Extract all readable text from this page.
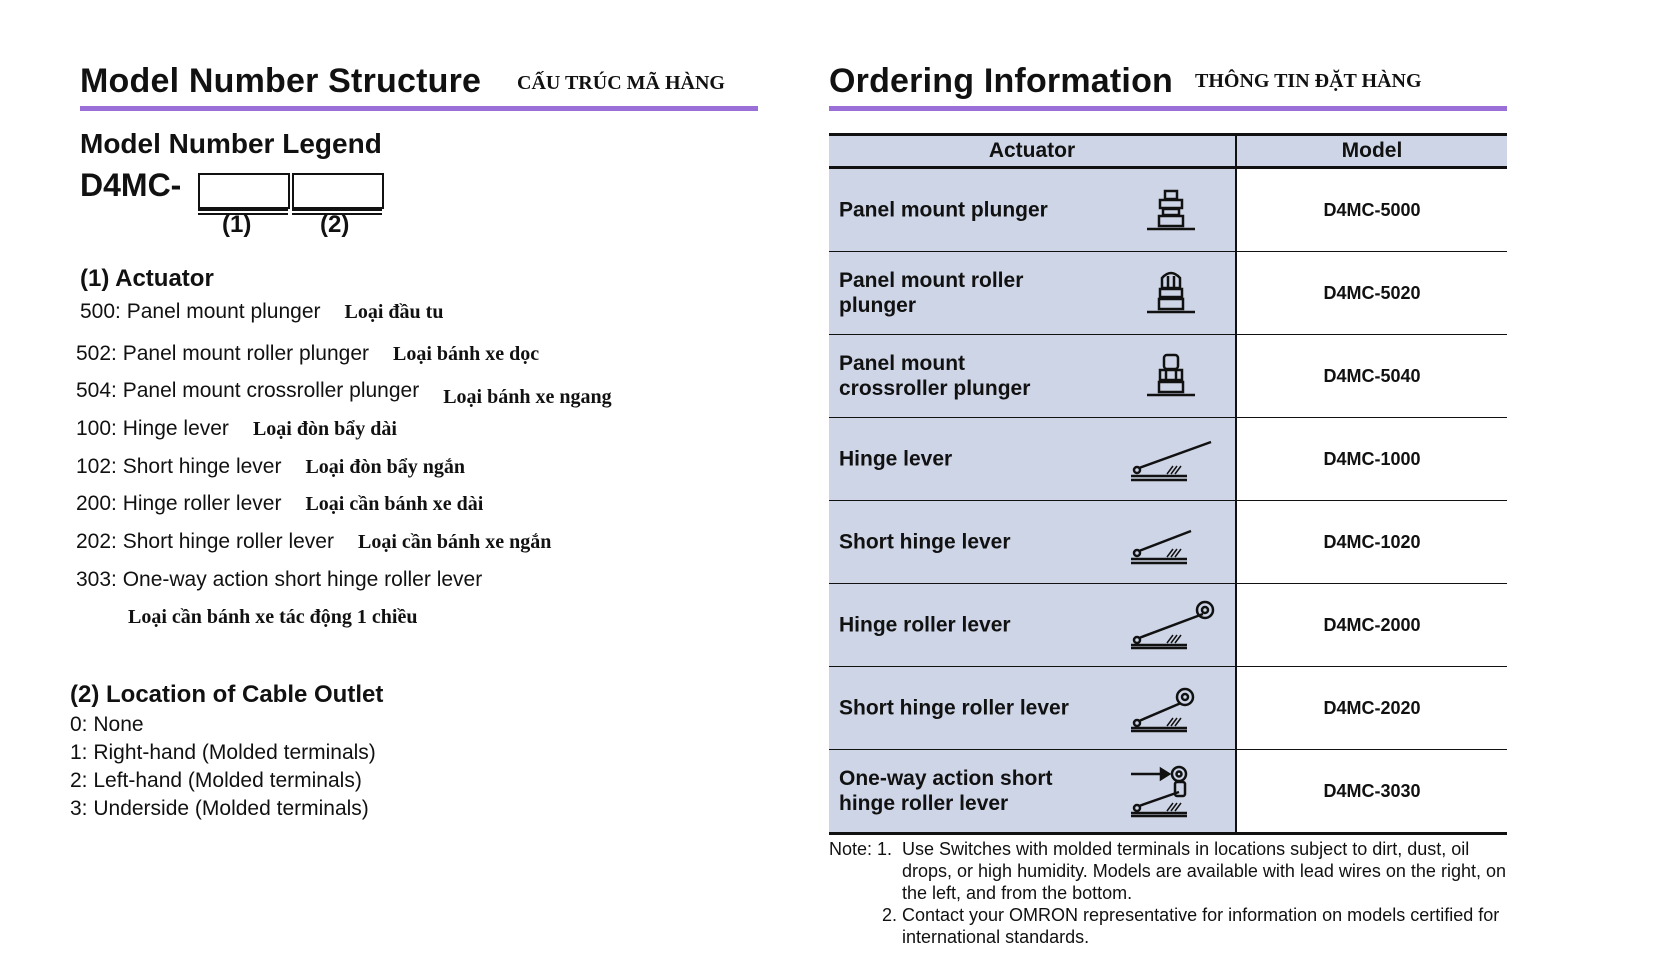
Model Number Structure CẤU TRÚC MÃ HÀNG
Model Number Legend
D4MC-
(1)	(2)
(1) Actuator
500: Panel mount plunger Loại đầu tu
502: Panel mount roller plunger Loại bánh xe dọc
504: Panel mount crossroller plunger Loại bánh xe ngang
100: Hinge lever Loại đòn bẩy dài
102: Short hinge lever Loại đòn bẩy ngắn
200: Hinge roller lever Loại cần bánh xe dài
202: Short hinge roller lever Loại cần bánh xe ngắn
303: One-way action short hinge roller lever
Loại cần bánh xe tác động 1 chiều
(2) Location of Cable Outlet
0: None
1: Right-hand (Molded terminals)
2: Left-hand (Molded terminals)
3: Underside (Molded terminals)
Ordering Information THÔNG TIN ĐẶT HÀNG
Actuator	Model

Panel mount plunger	D4MC-5000

Panel mount roller plunger	D4MC-5020

Panel mount crossroller plunger	D4MC-5040

Hinge lever	D4MC-1000

Short hinge lever	D4MC-1020

Hinge roller lever	D4MC-2000

Short hinge roller lever	D4MC-2020

One-way action short hinge roller lever	D4MC-3030
Note: 1. Use Switches with molded terminals in locations subject to dirt, dust, oil drops, or high humidity. Models are available with lead wires on the right, on the left, and from the bottom.
2. Contact your OMRON representative for information on models certified for international standards.
